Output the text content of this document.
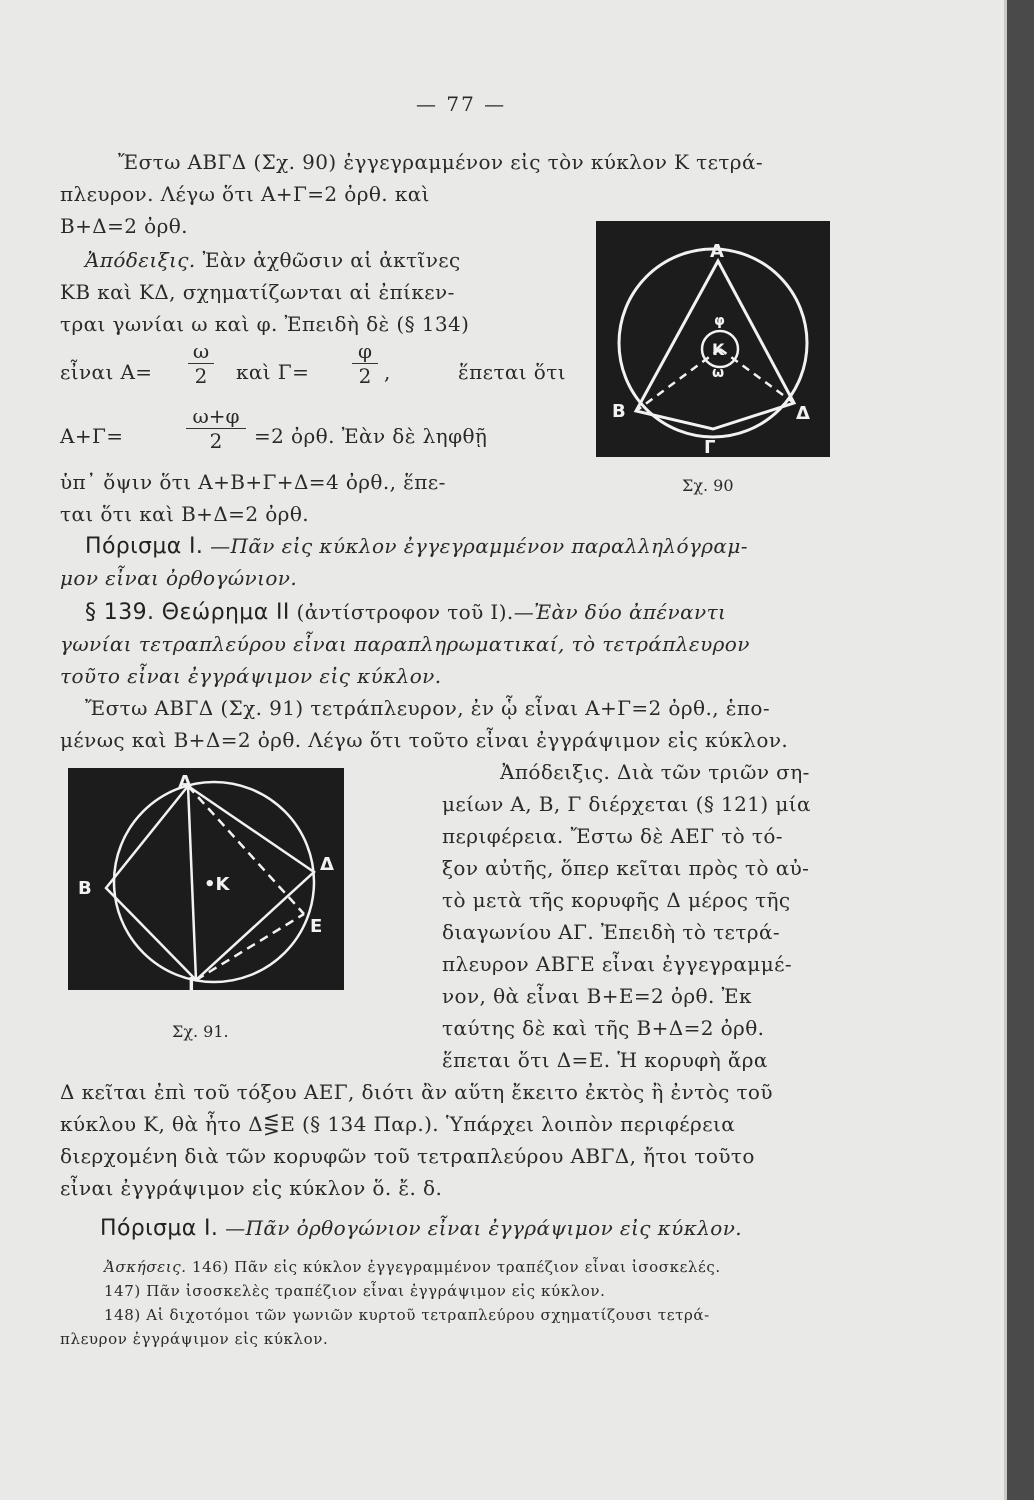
— 77 —
Ἔστω ΑΒΓΔ (Σχ. 90) ἐγγεγραμμένον εἰς τὸν κύκλον Κ τετρά-
πλευρον. Λέγω ὅτι Α+Γ=2 ὀρθ. καὶ
Β+Δ=2 ὀρθ.
Ἀπόδειξις. Ἐὰν ἀχθῶσιν αἱ ἀκτῖνες
ΚΒ καὶ ΚΔ, σχηματίζωνται αἱ ἐπίκεν-
τραι γωνίαι ω καὶ φ. Ἐπειδὴ δὲ (§ 134)
εἶναι Α=
ω
2	καὶ Γ=
φ
2 ,	ἕπεται ὅτι
Α+Γ=
ω+φ
2	=2 ὀρθ. Ἐὰν δὲ ληφθῇ
ὑπ᾽ ὄψιν ὅτι Α+Β+Γ+Δ=4 ὀρθ., ἕπε-
ται ὅτι καὶ Β+Δ=2 ὀρθ.
Α
Β
Γ
Δ
Κ
φ
ω
Σχ. 90
Πόρισμα Ι. —Πᾶν εἰς κύκλον ἐγγεγραμμένον παραλληλόγραμ-
μον εἶναι ὀρθογώνιον.
§ 139. Θεώρημα ΙΙ (ἀντίστροφον τοῦ Ι).—Ἐὰν δύο ἀπέναντι
γωνίαι τετραπλεύρου εἶναι παραπληρωματικαί, τὸ τετράπλευρον
τοῦτο εἶναι ἐγγράψιμον εἰς κύκλον.
Ἔστω ΑΒΓΔ (Σχ. 91) τετράπλευρον, ἐν ᾧ εἶναι Α+Γ=2 ὀρθ., ἑπο-
μένως καὶ Β+Δ=2 ὀρθ. Λέγω ὅτι τοῦτο εἶναι ἐγγράψιμον εἰς κύκλον.
Ἀπόδειξις. Διὰ τῶν τριῶν ση-
μείων Α, Β, Γ διέρχεται (§ 121) μία
περιφέρεια. Ἔστω δὲ ΑΕΓ τὸ τό-
ξον αὐτῆς, ὅπερ κεῖται πρὸς τὸ αὐ-
τὸ μετὰ τῆς κορυφῆς Δ μέρος τῆς
διαγωνίου ΑΓ. Ἐπειδὴ τὸ τετρά-
πλευρον ΑΒΓΕ εἶναι ἐγγεγραμμέ-
νον, θὰ εἶναι Β+Ε=2 ὀρθ. Ἐκ
ταύτης δὲ καὶ τῆς Β+Δ=2 ὀρθ.
ἕπεται ὅτι Δ=Ε. Ἡ κορυφὴ ἄρα
Δ κεῖται ἐπὶ τοῦ τόξου ΑΕΓ, διότι ἂν αὕτη ἔκειτο ἐκτὸς ἢ ἐντὸς τοῦ
κύκλου Κ, θὰ ἦτο Δ⋚Ε (§ 134 Παρ.). Ὑπάρχει λοιπὸν περιφέρεια
διερχομένη διὰ τῶν κορυφῶν τοῦ τετραπλεύρου ΑΒΓΔ, ἤτοι τοῦτο
εἶναι ἐγγράψιμον εἰς κύκλον ὅ. ἔ. δ.
Α
Β
Γ
Δ
Ε
•Κ
Σχ. 91.
Πόρισμα Ι. —Πᾶν ὀρθογώνιον εἶναι ἐγγράψιμον εἰς κύκλον.
Ἀσκήσεις. 146) Πᾶν εἰς κύκλον ἐγγεγραμμένον τραπέζιον εἶναι ἰσοσκελές.
147) Πᾶν ἰσοσκελὲς τραπέζιον εἶναι ἐγγράψιμον εἰς κύκλον.
148) Αἱ διχοτόμοι τῶν γωνιῶν κυρτοῦ τετραπλεύρου σχηματίζουσι τετρά-
πλευρον ἐγγράψιμον εἰς κύκλον.
